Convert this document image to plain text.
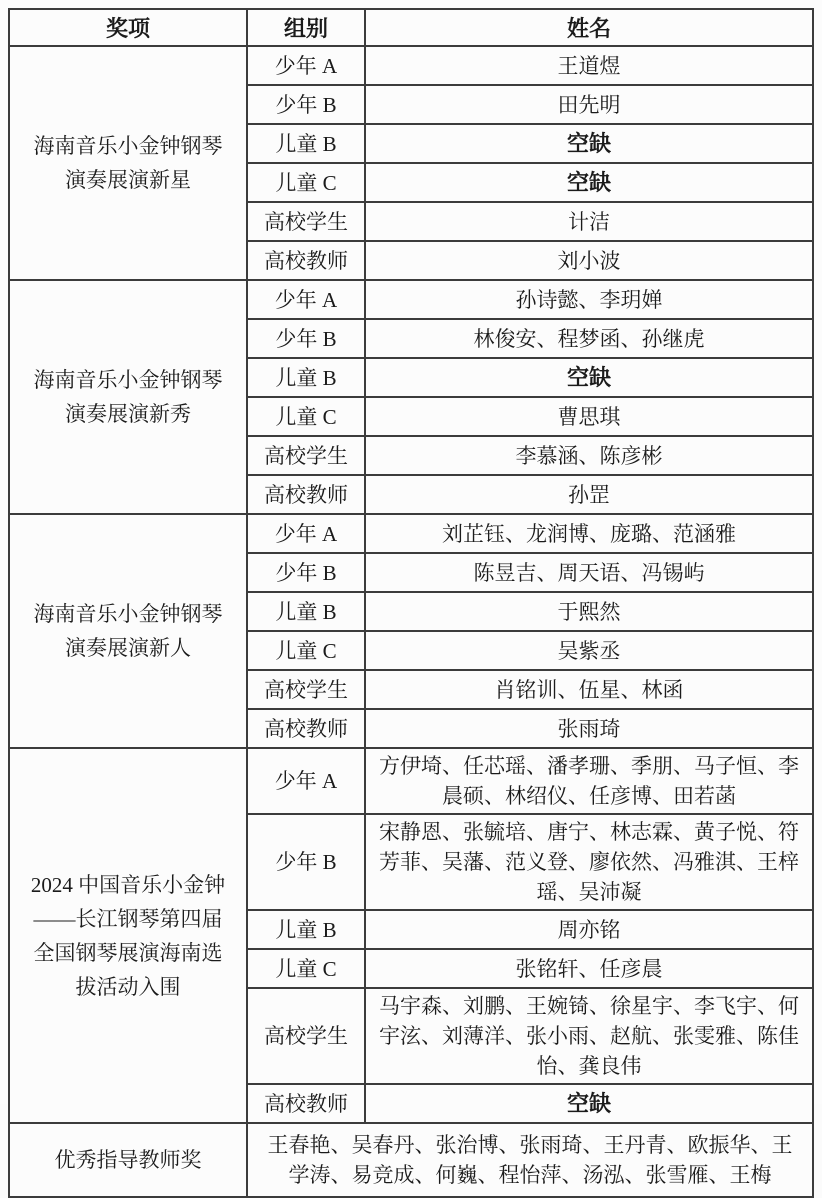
奖项	组别	姓名
海南音乐小金钟钢琴演奏展演新星	少年 A	王道煜
	少年 B	田先明
	儿童 B	空缺
	儿童 C	空缺
	高校学生	计洁
	高校教师	刘小波
海南音乐小金钟钢琴演奏展演新秀	少年 A	孙诗懿、李玥婵
	少年 B	林俊安、程梦函、孙继虎
	儿童 B	空缺
	儿童 C	曹思琪
	高校学生	李慕涵、陈彦彬
	高校教师	孙罡
海南音乐小金钟钢琴演奏展演新人	少年 A	刘芷钰、龙润博、庞璐、范涵雅
	少年 B	陈昱吉、周天语、冯锡屿
	儿童 B	于熙然
	儿童 C	吴紫丞
	高校学生	肖铭训、伍星、林函
	高校教师	张雨琦
2024 中国音乐小金钟——长江钢琴第四届全国钢琴展演海南选拔活动入围	少年 A	方伊埼、任芯瑶、潘孝珊、季朋、马子恒、李晨硕、林绍仪、任彦博、田若菡
	少年 B	宋静恩、张毓培、唐宁、林志霖、黄子悦、符芳菲、吴藩、范义登、廖依然、冯雅淇、王梓瑶、吴沛凝
	儿童 B	周亦铭
	儿童 C	张铭轩、任彦晨
	高校学生	马宇森、刘鹏、王婉锜、徐星宇、李飞宇、何宇泫、刘薄洋、张小雨、赵航、张雯雅、陈佳怡、龚良伟
	高校教师	空缺
优秀指导教师奖	王春艳、吴春丹、张治博、张雨琦、王丹青、欧振华、王学涛、易竞成、何巍、程怡萍、汤泓、张雪雁、王梅	
